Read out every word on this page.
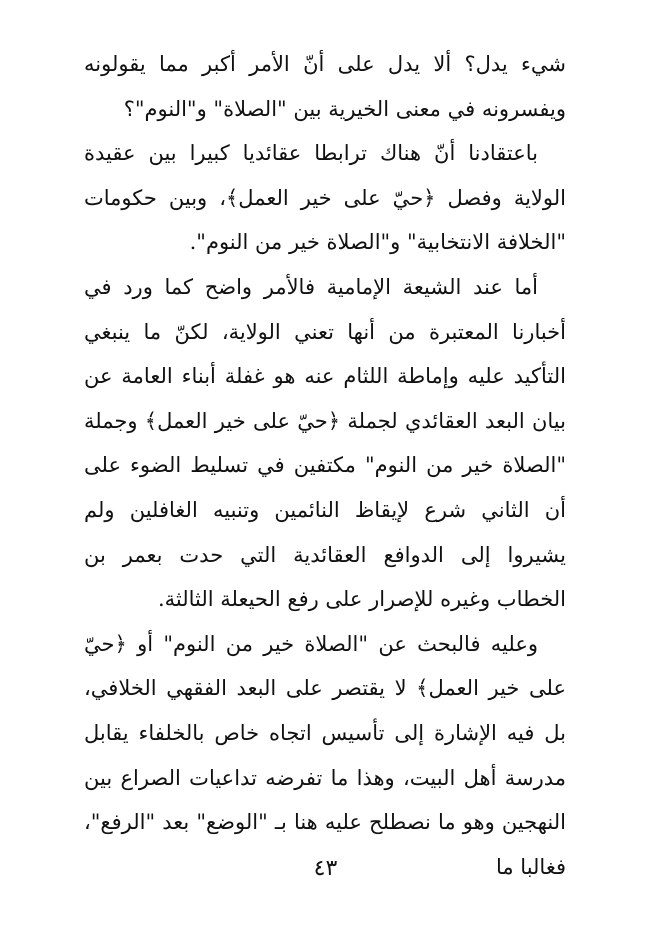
شيء يدل؟ ألا يدل على أنّ الأمر أكبر مما يقولونه ويفسرونه في معنى الخيرية بين "الصلاة" و"النوم"؟

باعتقادنا أنّ هناك ترابطا عقائديا كبيرا بين عقيدة الولاية وفصل ﴿حيّ على خير العمل﴾، وبين حكومات "الخلافة الانتخابية" و"الصلاة خير من النوم".

أما عند الشيعة الإمامية فالأمر واضح كما ورد في أخبارنا المعتبرة من أنها تعني الولاية، لكنّ ما ينبغي التأكيد عليه وإماطة اللثام عنه هو غفلة أبناء العامة عن بيان البعد العقائدي لجملة ﴿حيّ على خير العمل﴾ وجملة "الصلاة خير من النوم" مكتفين في تسليط الضوء على أن الثاني شرع لإيقاظ النائمين وتنبيه الغافلين ولم يشيروا إلى الدوافع العقائدية التي حدت بعمر بن الخطاب وغيره للإصرار على رفع الحيعلة الثالثة.

وعليه فالبحث عن "الصلاة خير من النوم" أو ﴿حيّ على خير العمل﴾ لا يقتصر على البعد الفقهي الخلافي، بل فيه الإشارة إلى تأسيس اتجاه خاص بالخلفاء يقابل مدرسة أهل البيت، وهذا ما تفرضه تداعيات الصراع بين النهجين وهو ما نصطلح عليه هنا بـ "الوضع" بعد "الرفع"، فغالبا ما

٤٣
